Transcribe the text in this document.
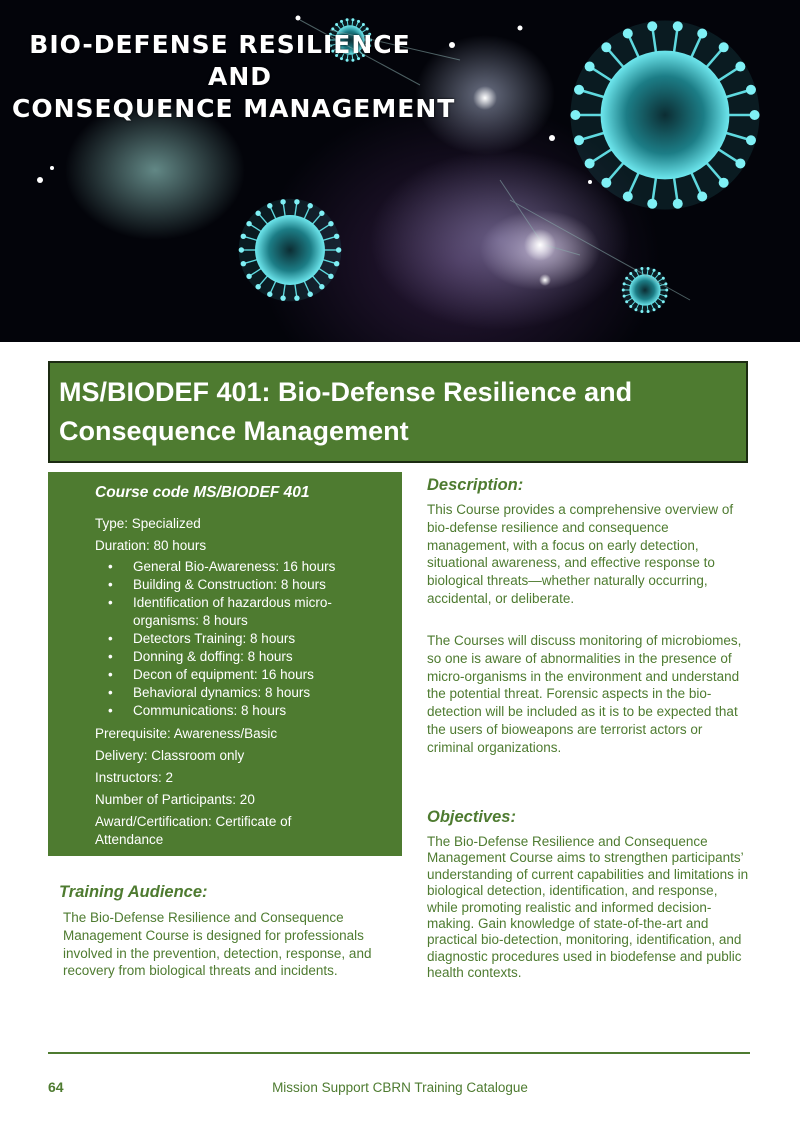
BIO-DEFENSE RESILIENCE

AND

CONSEQUENCE MANAGEMENT

MS/BIODEF 401: Bio-Defense Resilience and Consequence Management

Course code MS/BIODEF 401

Type: Specialized

Duration: 80 hours

• General Bio-Awareness: 16 hours
• Building & Construction: 8 hours
• Identification of hazardous micro-organisms: 8 hours
• Detectors Training: 8 hours
• Donning & doffing: 8 hours
• Decon of equipment: 16 hours
• Behavioral dynamics: 8 hours
• Communications: 8 hours

Prerequisite: Awareness/Basic

Delivery: Classroom only

Instructors: 2

Number of Participants: 20

Award/Certification: Certificate of Attendance

Training Audience:

The Bio-Defense Resilience and Consequence Management Course is designed for professionals involved in the prevention, detection, response, and recovery from biological threats and incidents.

Description:

This Course provides a comprehensive overview of bio-defense resilience and consequence management, with a focus on early detection, situational awareness, and effective response to biological threats—whether naturally occurring, accidental, or deliberate.

The Courses will discuss monitoring of microbiomes, so one is aware of abnormalities in the presence of micro-organisms in the environment and understand the potential threat. Forensic aspects in the bio-detection will be included as it is to be expected that the users of bioweapons are terrorist actors or criminal organizations.

Objectives:

The Bio-Defense Resilience and Consequence Management Course aims to strengthen participants’ understanding of current capabilities and limitations in biological detection, identification, and response, while promoting realistic and informed decision-making. Gain knowledge of state-of-the-art and practical bio-detection, monitoring, identification, and diagnostic procedures used in biodefense and public health contexts.

64	Mission Support CBRN Training Catalogue
